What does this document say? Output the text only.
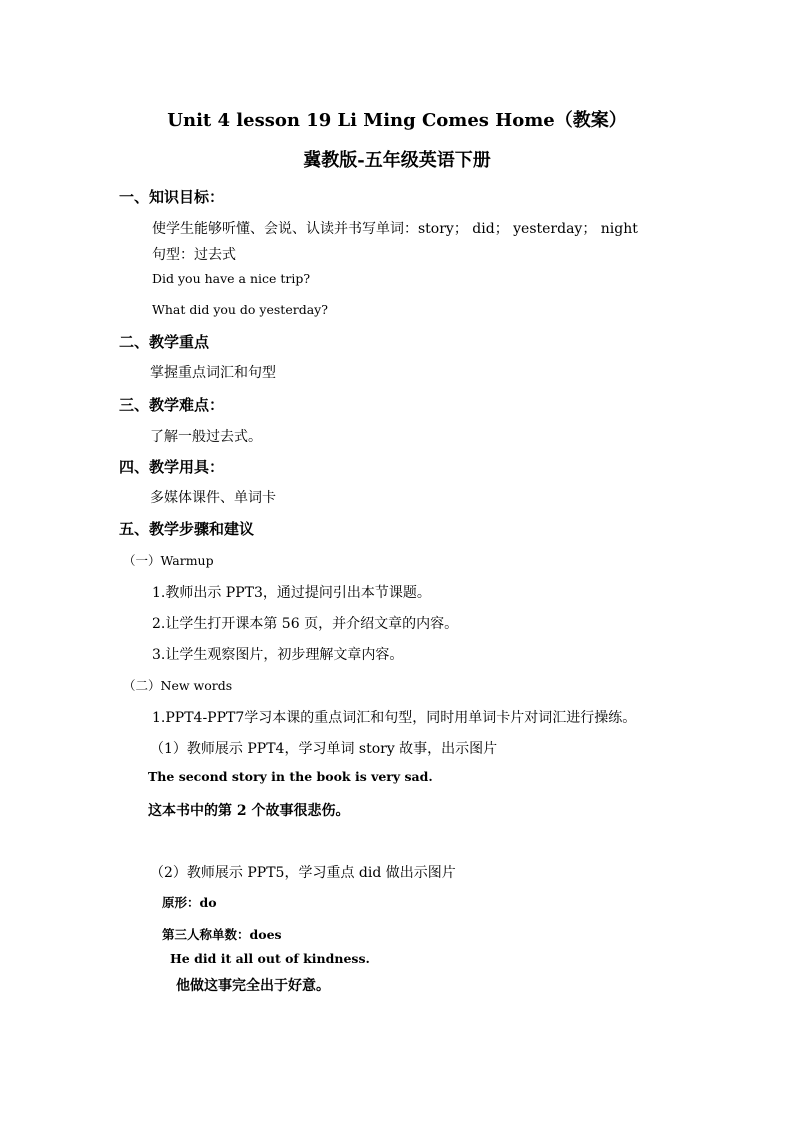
Unit 4 lesson 19 Li Ming Comes Home（教案）
冀教版-五年级英语下册
一、知识目标：
使学生能够听懂、会说、认读并书写单词：story； did； yesterday； night
句型：过去式
Did you have a nice trip?
What did you do yesterday?
二、教学重点
掌握重点词汇和句型
三、教学难点：
了解一般过去式。
四、教学用具：
多媒体课件、单词卡
五、教学步骤和建议
（一）Warmup
1.教师出示 PPT3，通过提问引出本节课题。
2.让学生打开课本第 56 页，并介绍文章的内容。
3.让学生观察图片，初步理解文章内容。
（二）New words
1.PPT4-PPT7学习本课的重点词汇和句型，同时用单词卡片对词汇进行操练。
（1）教师展示 PPT4，学习单词 story 故事，出示图片
The second story in the book is very sad.
这本书中的第 2 个故事很悲伤。
（2）教师展示 PPT5，学习重点 did 做出示图片
原形：do
第三人称单数：does
He did it all out of kindness.
他做这事完全出于好意。
